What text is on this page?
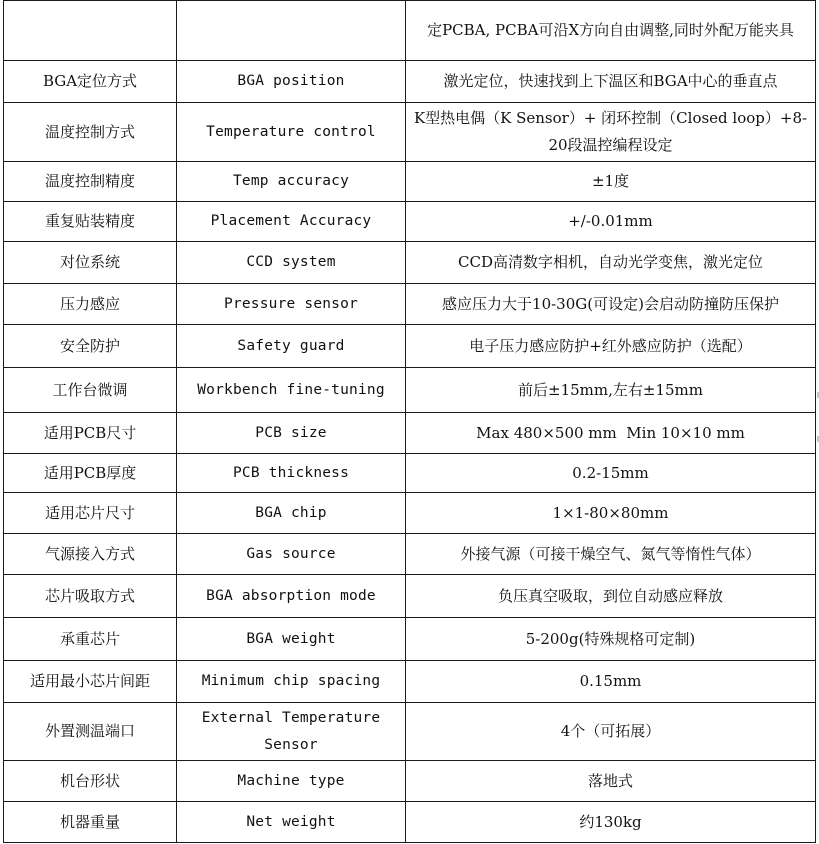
		定PCBA, PCBA可沿X方向自由调整,同时外配万能夹具
BGA定位方式	BGA position	激光定位，快速找到上下温区和BGA中心的垂直点
温度控制方式	Temperature control	K型热电偶（K Sensor）+ 闭环控制（Closed loop）+8-20段温控编程设定
温度控制精度	Temp accuracy	±1度
重复贴装精度	Placement Accuracy	+/-0.01mm
对位系统	CCD system	CCD高清数字相机，自动光学变焦，激光定位
压力感应	Pressure sensor	感应压力大于10-30G(可设定)会启动防撞防压保护
安全防护	Safety guard	电子压力感应防护+红外感应防护（选配）
工作台微调	Workbench fine-tuning	前后±15mm,左右±15mm
适用PCB尺寸	PCB size	Max 480×500 mm  Min 10×10 mm
适用PCB厚度	PCB thickness	0.2-15mm
适用芯片尺寸	BGA chip	1×1-80×80mm
气源接入方式	Gas source	外接气源（可接干燥空气、氮气等惰性气体）
芯片吸取方式	BGA absorption mode	负压真空吸取，到位自动感应释放
承重芯片	BGA weight	5-200g(特殊规格可定制)
适用最小芯片间距	Minimum chip spacing	0.15mm
外置测温端口	External Temperature Sensor	4个（可拓展）
机台形状	Machine type	落地式
机器重量	Net weight	约130kg
